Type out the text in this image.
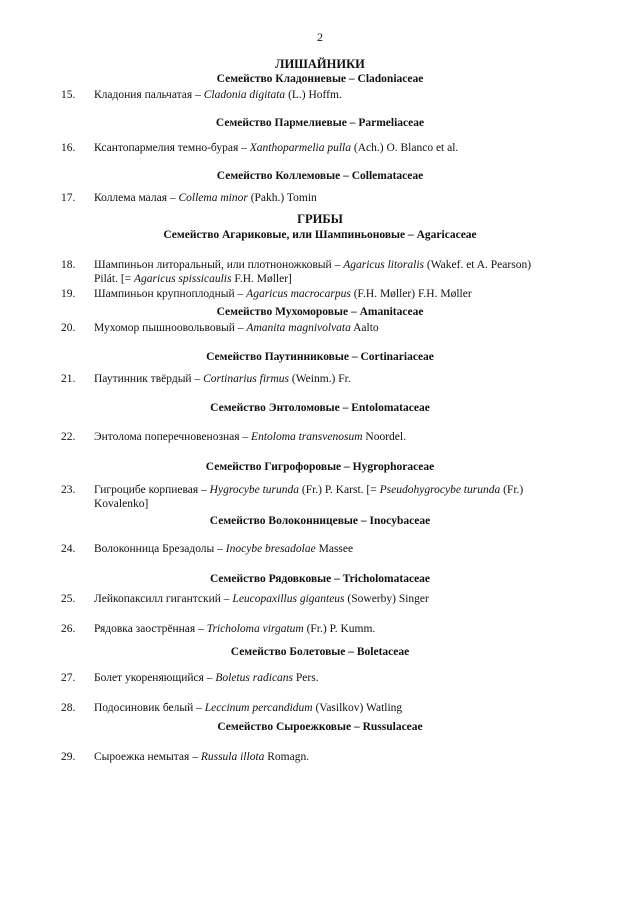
2
ЛИШАЙНИКИ
Семейство Кладониевые – Cladoniaceae
15. Кладония пальчатая – Cladonia digitata (L.) Hoffm.
Семейство Пармелиевые – Parmeliaceae
16. Ксантопармелия темно-бурая – Xanthoparmelia pulla (Ach.) O. Blanco et al.
Семейство Коллемовые – Collemataceae
17. Коллема малая – Collema minor (Pakh.) Tomin
ГРИБЫ
Семейство Агариковые, или Шампиньоновые – Agaricaceae
18. Шампиньон литоральный, или плотноножковый – Agaricus litoralis (Wakef. et A. Pearson) Pilát. [= Agaricus spissicaulis F.H. Møller]
19. Шампиньон крупноплодный – Agaricus macrocarpus (F.H. Møller) F.H. Møller
Семейство Мухоморовые – Amanitaceae
20. Мухомор пышноовольвовый – Amanita magnivolvata Aalto
Семейство Паутинниковые – Cortinariaceae
21. Паутинник твёрдый – Cortinarius firmus (Weinm.) Fr.
Семейство Энтоломовые – Entolomataceae
22. Энтолома поперечновенозная – Entoloma transvenosum Noordel.
Семейство Гигрофоровые – Hygrophoraceae
23. Гигроцибе корпиевая – Hygrocybe turunda (Fr.) P. Karst. [= Pseudohygrocybe turunda (Fr.) Kovalenko]
Семейство Волоконницевые – Inocybaceae
24. Волоконница Брезадолы – Inocybe bresadolae Massee
Семейство Рядовковые – Tricholomataceae
25. Лейкопаксилл гигантский – Leucopaxillus giganteus (Sowerby) Singer
26. Рядовка заострённая – Tricholoma virgatum (Fr.) P. Kumm.
Семейство Болетовые – Boletaceae
27. Болет укореняющийся – Boletus radicans Pers.
28. Подосиновик белый – Leccinum percandidum (Vasilkov) Watling
Семейство Сыроежковые – Russulaceae
29. Сыроежка немытая – Russula illota Romagn.
